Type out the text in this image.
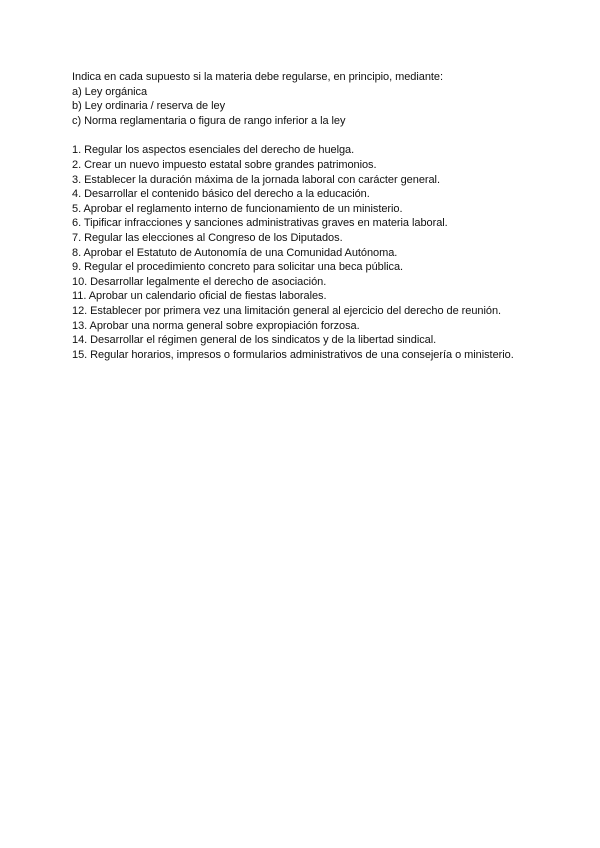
Indica en cada supuesto si la materia debe regularse, en principio, mediante:
a) Ley orgánica
b) Ley ordinaria / reserva de ley
c) Norma reglamentaria o figura de rango inferior a la ley
1. Regular los aspectos esenciales del derecho de huelga.
2. Crear un nuevo impuesto estatal sobre grandes patrimonios.
3. Establecer la duración máxima de la jornada laboral con carácter general.
4. Desarrollar el contenido básico del derecho a la educación.
5. Aprobar el reglamento interno de funcionamiento de un ministerio.
6. Tipificar infracciones y sanciones administrativas graves en materia laboral.
7. Regular las elecciones al Congreso de los Diputados.
8. Aprobar el Estatuto de Autonomía de una Comunidad Autónoma.
9. Regular el procedimiento concreto para solicitar una beca pública.
10. Desarrollar legalmente el derecho de asociación.
11. Aprobar un calendario oficial de fiestas laborales.
12. Establecer por primera vez una limitación general al ejercicio del derecho de reunión.
13. Aprobar una norma general sobre expropiación forzosa.
14. Desarrollar el régimen general de los sindicatos y de la libertad sindical.
15. Regular horarios, impresos o formularios administrativos de una consejería o ministerio.
